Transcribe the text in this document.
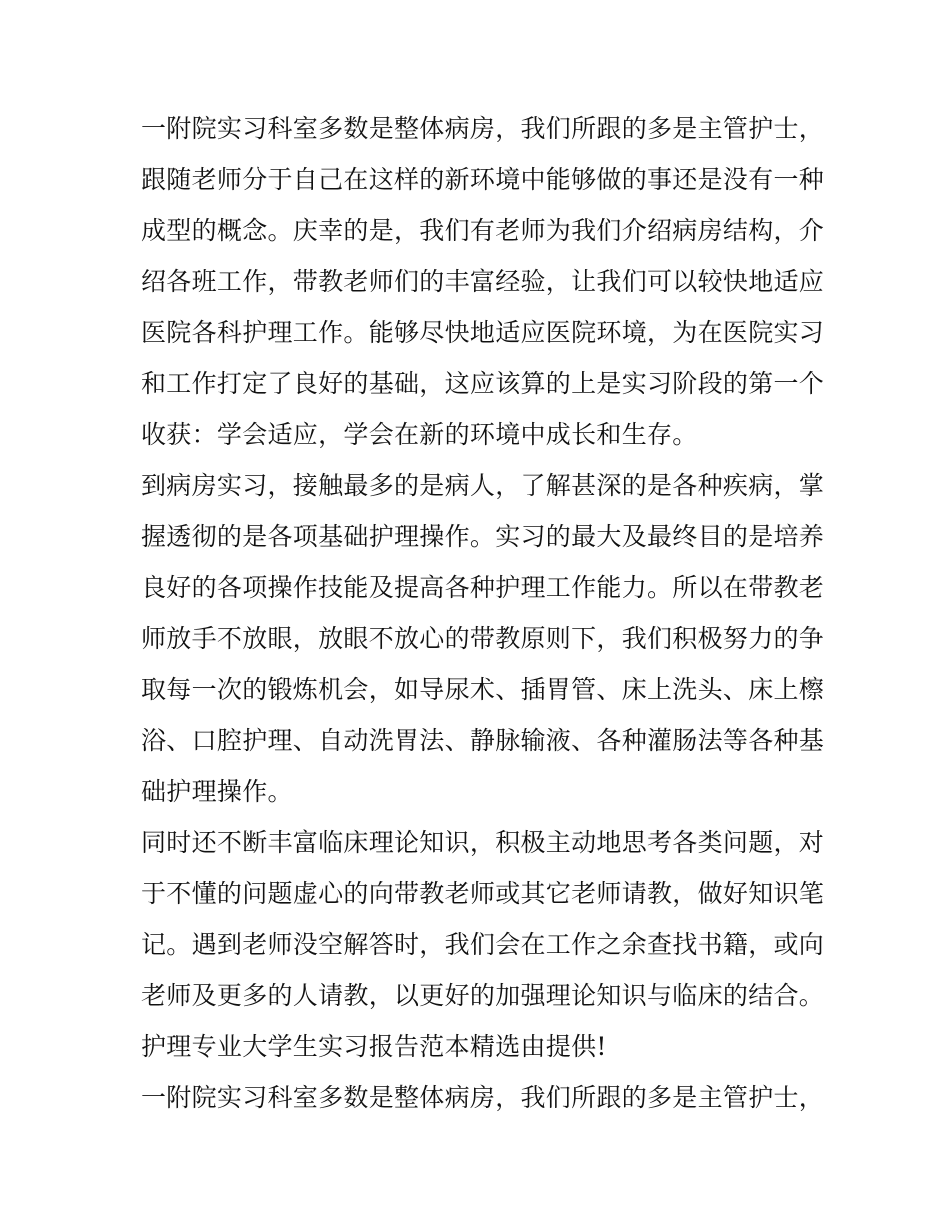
一附院实习科室多数是整体病房，我们所跟的多是主管护士，
跟随老师分于自己在这样的新环境中能够做的事还是没有一种
成型的概念。庆幸的是，我们有老师为我们介绍病房结构，介
绍各班工作，带教老师们的丰富经验，让我们可以较快地适应
医院各科护理工作。能够尽快地适应医院环境，为在医院实习
和工作打定了良好的基础，这应该算的上是实习阶段的第一个
收获：学会适应，学会在新的环境中成长和生存。
到病房实习，接触最多的是病人，了解甚深的是各种疾病，掌
握透彻的是各项基础护理操作。实习的最大及最终目的是培养
良好的各项操作技能及提高各种护理工作能力。所以在带教老
师放手不放眼，放眼不放心的带教原则下，我们积极努力的争
取每一次的锻炼机会，如导尿术、插胃管、床上洗头、床上檫
浴、口腔护理、自动洗胃法、静脉输液、各种灌肠法等各种基
础护理操作。
同时还不断丰富临床理论知识，积极主动地思考各类问题，对
于不懂的问题虚心的向带教老师或其它老师请教，做好知识笔
记。遇到老师没空解答时，我们会在工作之余查找书籍，或向
老师及更多的人请教，以更好的加强理论知识与临床的结合。
护理专业大学生实习报告范本精选由提供!
一附院实习科室多数是整体病房，我们所跟的多是主管护士，
